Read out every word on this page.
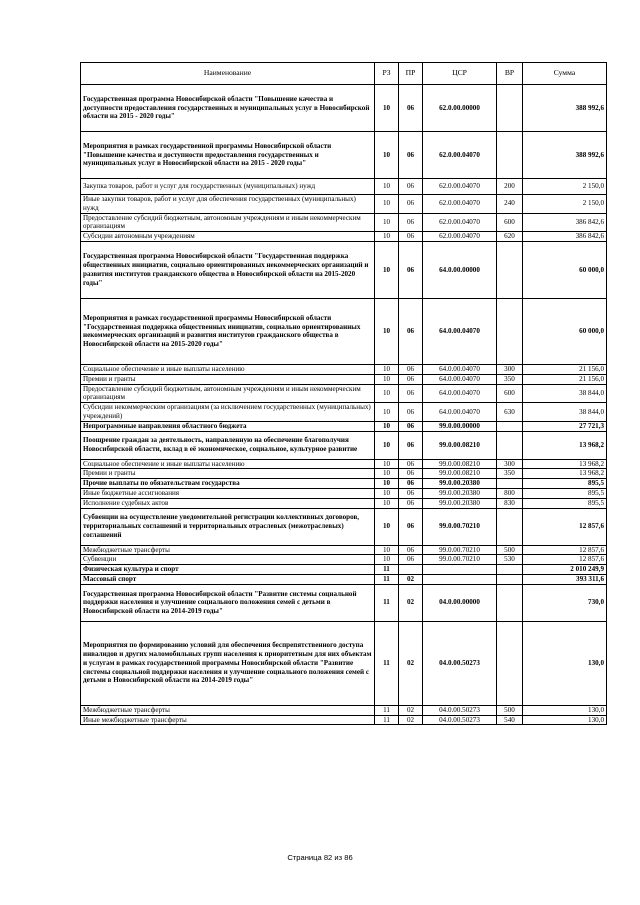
Наименование	РЗ	ПР	ЦСР	ВР	Сумма
Государственная программа Новосибирской области "Повышение качества и доступности предоставления государственных и муниципальных услуг в Новосибирской области на 2015 - 2020 годы"	10	06	62.0.00.00000		388 992,6
Мероприятия в рамках государственной программы Новосибирской области "Повышение качества и доступности предоставления государственных и муниципальных услуг в Новосибирской области на 2015 - 2020 годы"	10	06	62.0.00.04070		388 992,6
Закупка товаров, работ и услуг для государственных (муниципальных) нужд	10	06	62.0.00.04070	200	2 150,0
Иные закупки товаров, работ и услуг для обеспечения государственных (муниципальных) нужд	10	06	62.0.00.04070	240	2 150,0
Предоставление субсидий бюджетным, автономным учреждениям и иным некоммерческим организациям	10	06	62.0.00.04070	600	386 842,6
Субсидии автономным учреждениям	10	06	62.0.00.04070	620	386 842,6
Государственная программа Новосибирской области "Государственная поддержка общественных инициатив, социально ориентированных некоммерческих организаций и развития институтов гражданского общества в Новосибирской области на 2015-2020 годы"	10	06	64.0.00.00000		60 000,0
Мероприятия в рамках государственной программы Новосибирской области "Государственная поддержка общественных инициатив, социально ориентированных некоммерческих организаций и развития институтов гражданского общества в Новосибирской области на 2015-2020 годы"	10	06	64.0.00.04070		60 000,0
Социальное обеспечение и иные выплаты населению	10	06	64.0.00.04070	300	21 156,0
Премии и гранты	10	06	64.0.00.04070	350	21 156,0
Предоставление субсидий бюджетным, автономным учреждениям и иным некоммерческим организациям	10	06	64.0.00.04070	600	38 844,0
Субсидии некоммерческим организациям (за исключением государственных (муниципальных) учреждений)	10	06	64.0.00.04070	630	38 844,0
Непрограммные направления областного бюджета	10	06	99.0.00.00000		27 721,3
Поощрение граждан за деятельность, направленную на обеспечение благополучия Новосибирской области, вклад в её экономическое, социальное, культурное развитие	10	06	99.0.00.08210		13 968,2
Социальное обеспечение и иные выплаты населению	10	06	99.0.00.08210	300	13 968,2
Премии и гранты	10	06	99.0.00.08210	350	13 968,2
Прочие выплаты по обязательствам государства	10	06	99.0.00.20380		895,5
Иные бюджетные ассигнования	10	06	99.0.00.20380	800	895,5
Исполнение судебных актов	10	06	99.0.00.20380	830	895,5
Субвенции на осуществление уведомительной регистрации коллективных договоров, территориальных соглашений и территориальных отраслевых (межотраслевых) соглашений	10	06	99.0.00.70210		12 857,6
Межбюджетные трансферты	10	06	99.0.00.70210	500	12 857,6
Субвенции	10	06	99.0.00.70210	530	12 857,6
Физическая культура и спорт	11				2 010 249,9
Массовый спорт	11	02			393 311,6
Государственная программа Новосибирской области "Развитие системы социальной поддержки населения и улучшение социального положения семей с детьми в Новосибирской области на 2014-2019 годы"	11	02	04.0.00.00000		730,0
Мероприятия по формированию условий для обеспечения беспрепятственного доступа инвалидов и других маломобильных групп населения к приоритетным для них объектам и услугам в рамках государственной программы Новосибирской области "Развитие системы социальной поддержки населения и улучшение социального положения семей с детьми в Новосибирской области на 2014-2019 годы"	11	02	04.0.00.50273		130,0
Межбюджетные трансферты	11	02	04.0.00.50273	500	130,0
Иные межбюджетные трансферты	11	02	04.0.00.50273	540	130,0
Страница 82 из 86
